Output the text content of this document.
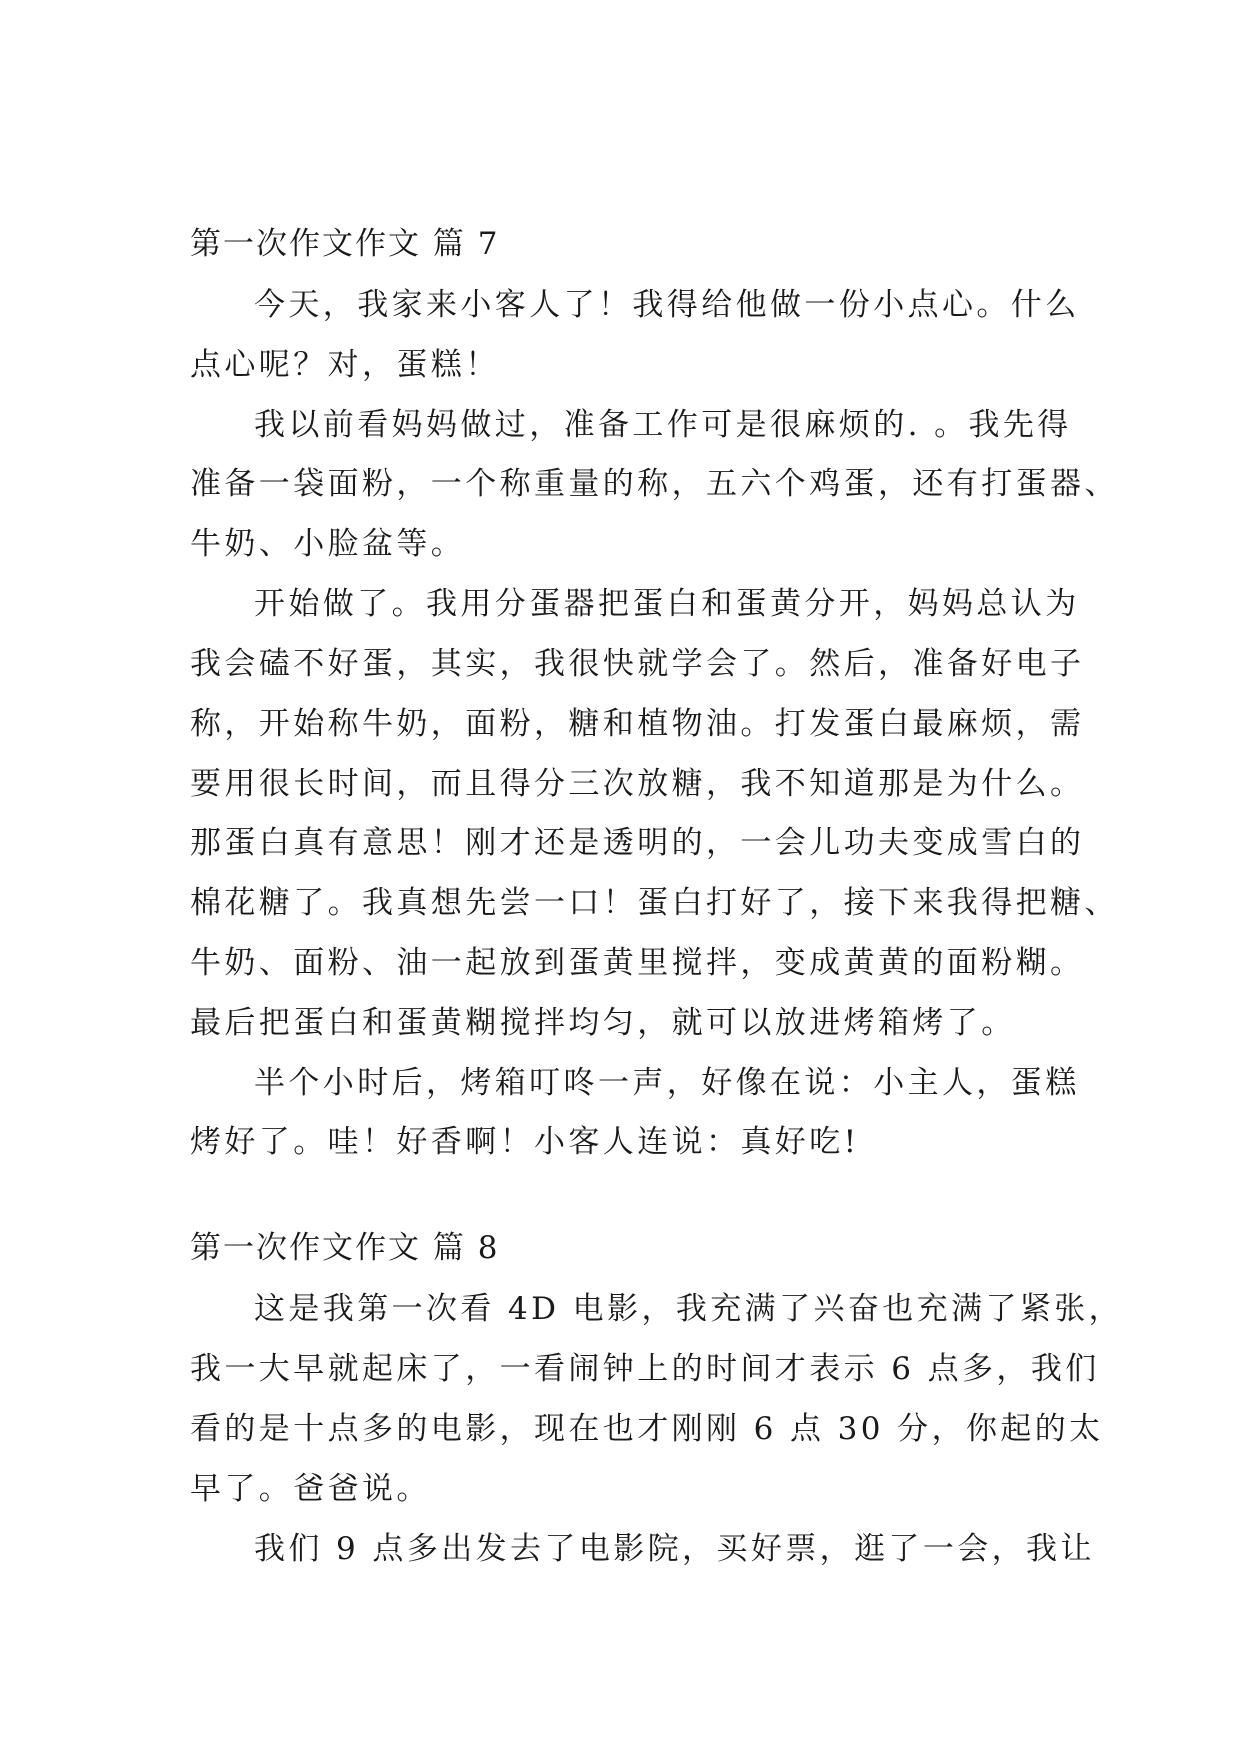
第一次作文作文 篇 7
今天，我家来小客人了！我得给他做一份小点心。什么
点心呢？对，蛋糕！
我以前看妈妈做过，准备工作可是很麻烦的. 。我先得
准备一袋面粉，一个称重量的称，五六个鸡蛋，还有打蛋器、
牛奶、小脸盆等。
开始做了。我用分蛋器把蛋白和蛋黄分开，妈妈总认为
我会磕不好蛋，其实，我很快就学会了。然后，准备好电子
称，开始称牛奶，面粉，糖和植物油。打发蛋白最麻烦，需
要用很长时间，而且得分三次放糖，我不知道那是为什么。
那蛋白真有意思！刚才还是透明的，一会儿功夫变成雪白的
棉花糖了。我真想先尝一口！蛋白打好了，接下来我得把糖、
牛奶、面粉、油一起放到蛋黄里搅拌，变成黄黄的面粉糊。
最后把蛋白和蛋黄糊搅拌均匀，就可以放进烤箱烤了。
半个小时后，烤箱叮咚一声，好像在说：小主人，蛋糕
烤好了。哇！好香啊！小客人连说：真好吃!
第一次作文作文 篇 8
这是我第一次看 4D 电影，我充满了兴奋也充满了紧张，
我一大早就起床了，一看闹钟上的时间才表示 6 点多，我们
看的是十点多的电影，现在也才刚刚 6 点 30 分，你起的太
早了。爸爸说。
我们 9 点多出发去了电影院，买好票，逛了一会，我让
